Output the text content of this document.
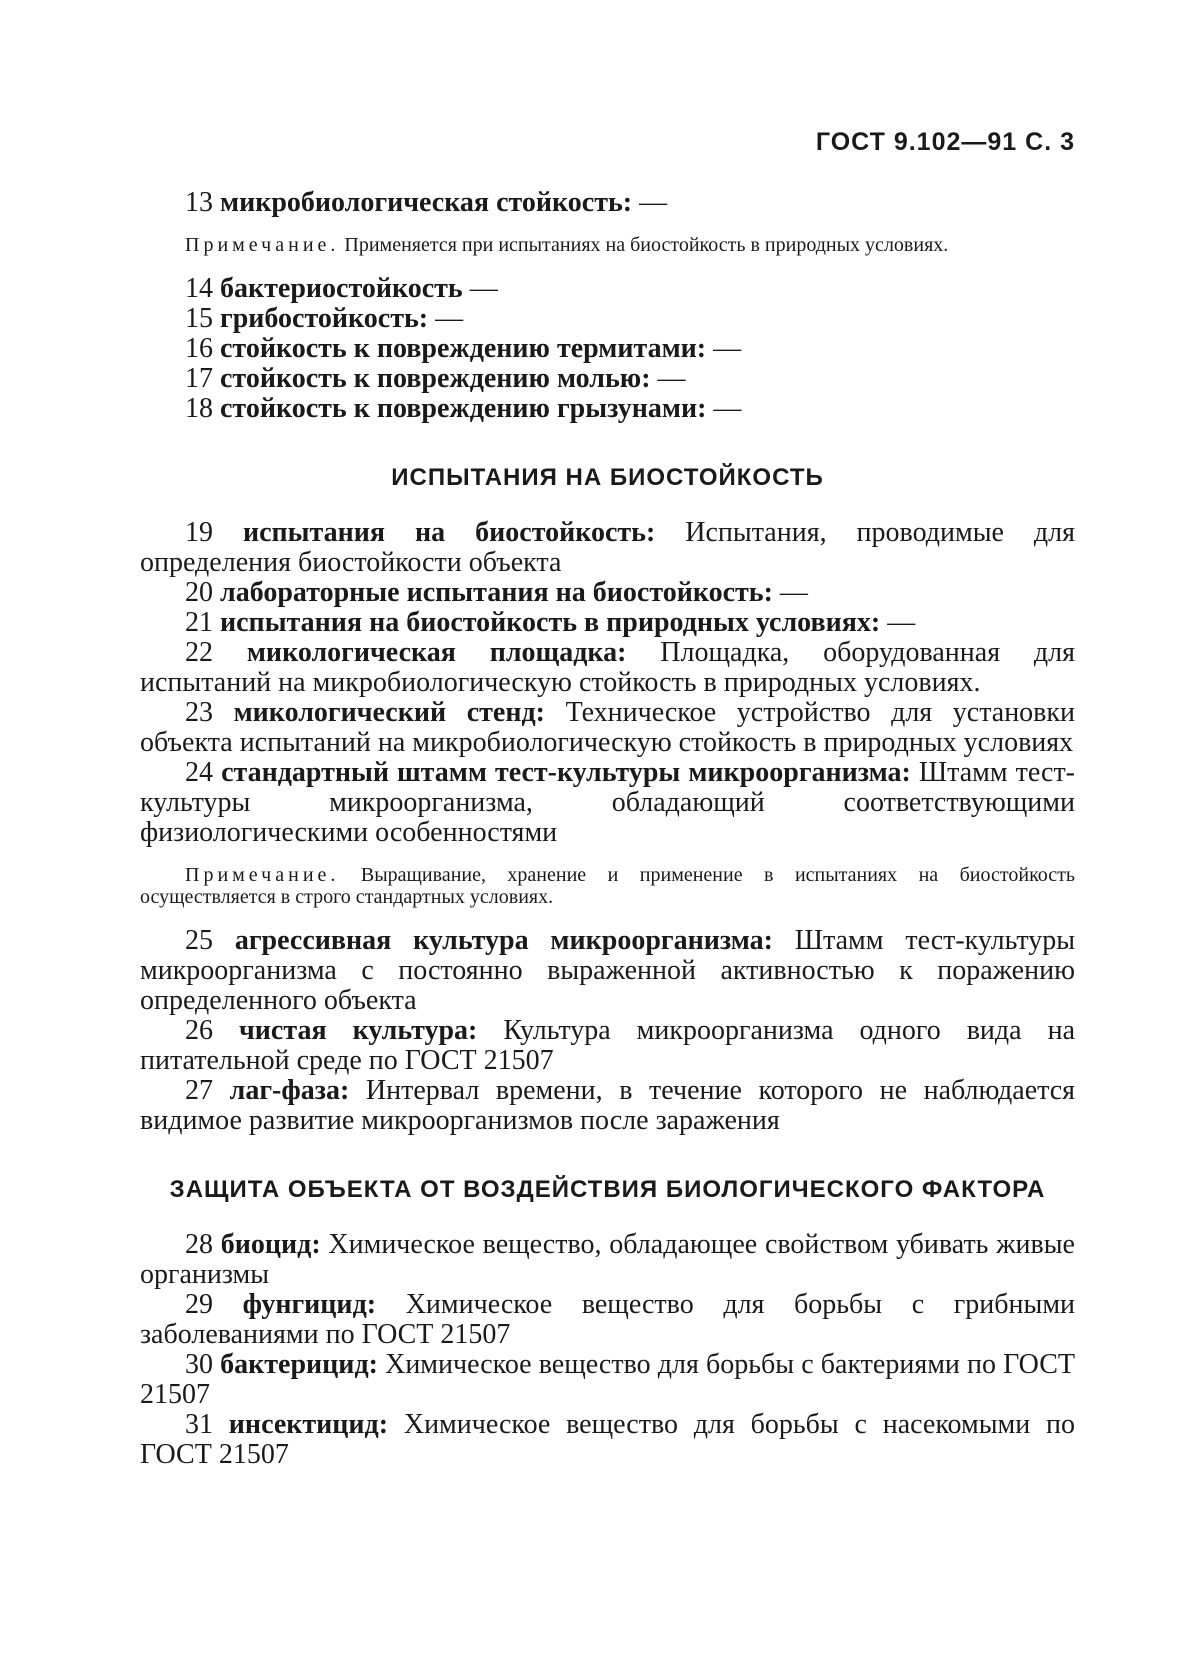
ГОСТ 9.102—91 С. 3
13 микробиологическая стойкость: —
Примечание. Применяется при испытаниях на биостойкость в природных условиях.
14 бактериостойкость —
15 грибостойкость: —
16 стойкость к повреждению термитами: —
17 стойкость к повреждению молью: —
18 стойкость к повреждению грызунами: —
ИСПЫТАНИЯ НА БИОСТОЙКОСТЬ
19 испытания на биостойкость: Испытания, проводимые для определения биостойкости объекта
20 лабораторные испытания на биостойкость: —
21 испытания на биостойкость в природных условиях: —
22 микологическая площадка: Площадка, оборудованная для испытаний на микробиологическую стойкость в природных условиях.
23 микологический стенд: Техническое устройство для установки объекта испытаний на микробиологическую стойкость в природных условиях
24 стандартный штамм тест-культуры микроорганизма: Штамм тест-культуры микроорганизма, обладающий соответствующими физиологическими особенностями
Примечание. Выращивание, хранение и применение в испытаниях на биостойкость осуществляется в строго стандартных условиях.
25 агрессивная культура микроорганизма: Штамм тест-культуры микроорганизма с постоянно выраженной активностью к поражению определенного объекта
26 чистая культура: Культура микроорганизма одного вида на питательной среде по ГОСТ 21507
27 лаг-фаза: Интервал времени, в течение которого не наблюдается видимое развитие микроорганизмов после заражения
ЗАЩИТА ОБЪЕКТА ОТ ВОЗДЕЙСТВИЯ БИОЛОГИЧЕСКОГО ФАКТОРА
28 биоцид: Химическое вещество, обладающее свойством убивать живые организмы
29 фунгицид: Химическое вещество для борьбы с грибными заболеваниями по ГОСТ 21507
30 бактерицид: Химическое вещество для борьбы с бактериями по ГОСТ 21507
31 инсектицид: Химическое вещество для борьбы с насекомыми по ГОСТ 21507
